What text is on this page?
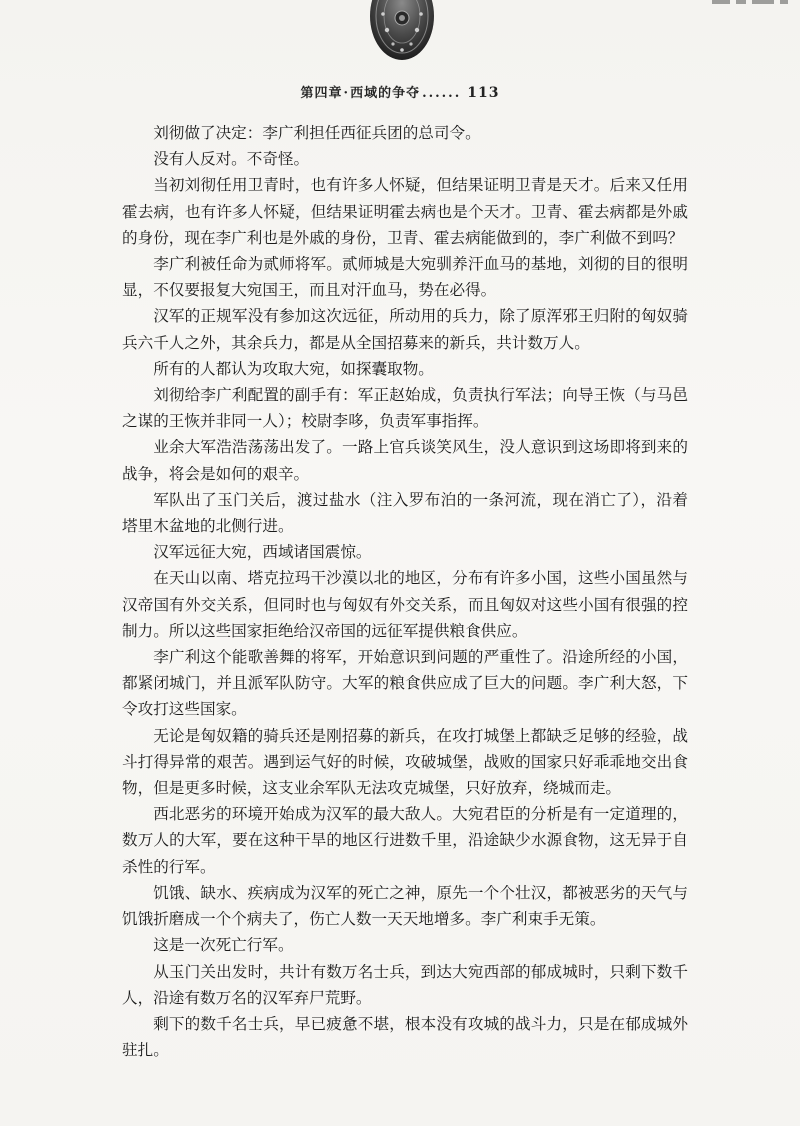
第四章·西域的争夺 ...... 113

刘彻做了决定：李广利担任西征兵团的总司令。

没有人反对。不奇怪。

当初刘彻任用卫青时，也有许多人怀疑，但结果证明卫青是天才。后来又任用霍去病，也有许多人怀疑，但结果证明霍去病也是个天才。卫青、霍去病都是外戚的身份，现在李广利也是外戚的身份，卫青、霍去病能做到的，李广利做不到吗？

李广利被任命为贰师将军。贰师城是大宛驯养汗血马的基地，刘彻的目的很明显，不仅要报复大宛国王，而且对汗血马，势在必得。

汉军的正规军没有参加这次远征，所动用的兵力，除了原浑邪王归附的匈奴骑兵六千人之外，其余兵力，都是从全国招募来的新兵，共计数万人。

所有的人都认为攻取大宛，如探囊取物。

刘彻给李广利配置的副手有：军正赵始成，负责执行军法；向导王恢（与马邑之谋的王恢并非同一人）；校尉李哆，负责军事指挥。

业余大军浩浩荡荡出发了。一路上官兵谈笑风生，没人意识到这场即将到来的战争，将会是如何的艰辛。

军队出了玉门关后，渡过盐水（注入罗布泊的一条河流，现在消亡了），沿着塔里木盆地的北侧行进。

汉军远征大宛，西域诸国震惊。

在天山以南、塔克拉玛干沙漠以北的地区，分布有许多小国，这些小国虽然与汉帝国有外交关系，但同时也与匈奴有外交关系，而且匈奴对这些小国有很强的控制力。所以这些国家拒绝给汉帝国的远征军提供粮食供应。

李广利这个能歌善舞的将军，开始意识到问题的严重性了。沿途所经的小国，都紧闭城门，并且派军队防守。大军的粮食供应成了巨大的问题。李广利大怒，下令攻打这些国家。

无论是匈奴籍的骑兵还是刚招募的新兵，在攻打城堡上都缺乏足够的经验，战斗打得异常的艰苦。遇到运气好的时候，攻破城堡，战败的国家只好乖乖地交出食物，但是更多时候，这支业余军队无法攻克城堡，只好放弃，绕城而走。

西北恶劣的环境开始成为汉军的最大敌人。大宛君臣的分析是有一定道理的，数万人的大军，要在这种干旱的地区行进数千里，沿途缺少水源食物，这无异于自杀性的行军。

饥饿、缺水、疾病成为汉军的死亡之神，原先一个个壮汉，都被恶劣的天气与饥饿折磨成一个个病夫了，伤亡人数一天天地增多。李广利束手无策。

这是一次死亡行军。

从玉门关出发时，共计有数万名士兵，到达大宛西部的郁成城时，只剩下数千人，沿途有数万名的汉军弃尸荒野。

剩下的数千名士兵，早已疲惫不堪，根本没有攻城的战斗力，只是在郁成城外驻扎。
